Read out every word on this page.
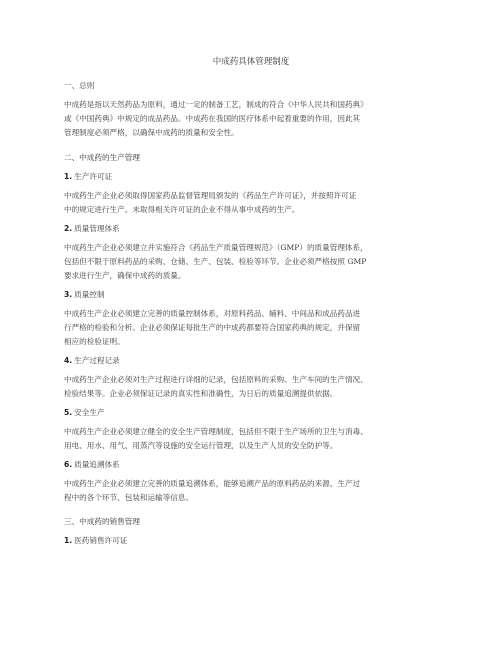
中成药具体管理制度
一、总则
中成药是指以天然药品为原料，通过一定的制备工艺，制成的符合《中华人民共和国药典》
或《中国药典》中规定的成品药品。中成药在我国的医疗体系中起着重要的作用，因此其
管理制度必须严格，以确保中成药的质量和安全性。
二、中成药的生产管理
1. 生产许可证
中成药生产企业必须取得国家药品监督管理局颁发的《药品生产许可证》，并按照许可证
中的规定进行生产。未取得相关许可证的企业不得从事中成药的生产。
2. 质量管理体系
中成药生产企业必须建立并实施符合《药品生产质量管理规范》（GMP）的质量管理体系，
包括但不限于原料药品的采购、仓储、生产、包装、检验等环节。企业必须严格按照 GMP
要求进行生产，确保中成药的质量。
3. 质量控制
中成药生产企业必须建立完善的质量控制体系，对原料药品、辅料、中间品和成品药品进
行严格的检验和分析。企业必须保证每批生产的中成药都要符合国家药典的规定，并保留
相应的检验证明。
4. 生产过程记录
中成药生产企业必须对生产过程进行详细的记录，包括原料的采购、生产车间的生产情况、
检验结果等。企业必须保证记录的真实性和准确性，为日后的质量追溯提供依据。
5. 安全生产
中成药生产企业必须建立健全的安全生产管理制度，包括但不限于生产场所的卫生与消毒、
用电、用水、用气、用蒸汽等设施的安全运行管理，以及生产人员的安全防护等。
6. 质量追溯体系
中成药生产企业必须建立完善的质量追溯体系，能够追溯产品的原料药品的来源、生产过
程中的各个环节、包装和运输等信息。
三、中成药的销售管理
1. 医药销售许可证
